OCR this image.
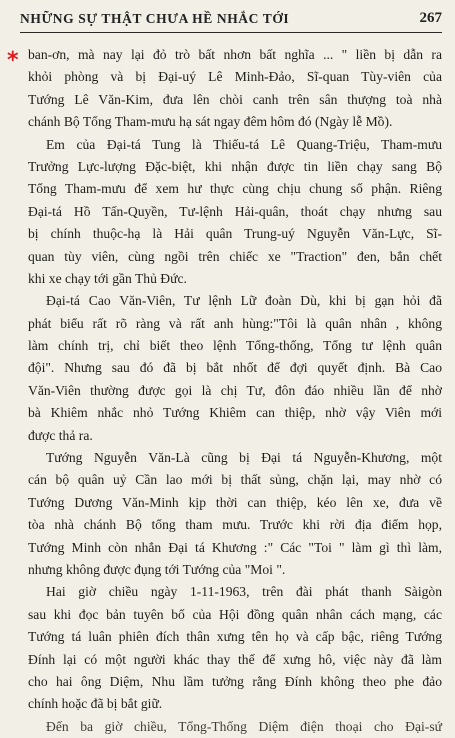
NHỮNG SỰ THẬT CHƯA HỀ NHẮC TỚI	267
* ban-ơn, mà nay lại đỏ trò bất nhơn bất nghĩa ... " liền bị dẫn ra
khỏi phòng và bị Đại-uý Lê Minh-Đảo, Sĩ-quan Tùy-viên của
Tướng Lê Văn-Kim, đưa lên chòi canh trên sân thượng toà nhà
chánh Bộ Tổng Tham-mưu hạ sát ngay đêm hôm đó (Ngày lễ Mồ).
Em của Đại-tá Tung là Thiếu-tá Lê Quang-Triệu, Tham-mưu
Trưởng Lực-lượng Đặc-biệt, khi nhận được tin liền chạy sang Bộ
Tổng Tham-mưu để xem hư thực cùng chịu chung số phận. Riêng
Đại-tá Hồ Tấn-Quyền, Tư-lệnh Hải-quân, thoát chạy nhưng sau
bị chính thuộc-hạ là Hải quân Trung-uý Nguyễn Văn-Lực, Sĩ-
quan tùy viên, cùng ngồi trên chiếc xe "Traction" đen, bắn chết
khi xe chạy tới gần Thủ Đức.
Đại-tá Cao Văn-Viên, Tư lệnh Lữ đoàn Dù, khi bị gạn hỏi đã
phát biểu rất rõ ràng và rất anh hùng:"Tôi là quân nhân , không
làm chính trị, chỉ biết theo lệnh Tổng-thống, Tổng tư lệnh quân
đội". Nhưng sau đó đã bị bắt nhốt để đợi quyết định. Bà Cao
Văn-Viên thường được gọi là chị Tư, đôn đáo nhiều lần để nhờ
bà Khiêm nhắc nhỏ Tướng Khiêm can thiệp, nhờ vậy Viên mới
được thả ra.
Tướng Nguyễn Văn-Là cũng bị Đại tá Nguyễn-Khương, một
cán bộ quân uỷ Cần lao mới bị thất sủng, chặn lại, may nhờ có
Tướng Dương Văn-Minh kịp thời can thiệp, kéo lên xe, đưa về
tòa nhà chánh Bộ tổng tham mưu. Trước khi rời địa điểm họp,
Tướng Minh còn nhắn Đại tá Khương :" Các "Toi " làm gì thì làm,
nhưng không được đụng tới Tướng của "Moi ".
Hai giờ chiều ngày 1-11-1963, trên đài phát thanh Sàigòn
sau khi đọc bản tuyên bố của Hội đồng quân nhân cách mạng, các
Tướng tá luân phiên đích thân xưng tên họ và cấp bậc, riêng Tướng
Đính lại có một người khác thay thế để xưng hô, việc này đã làm
cho hai ông Diệm, Nhu lầm tưởng rằng Đính không theo phe đảo
chính hoặc đã bị bắt giữ.
Đến ba giờ chiều, Tổng-Thống Diệm điện thoại cho Đại-sứ
